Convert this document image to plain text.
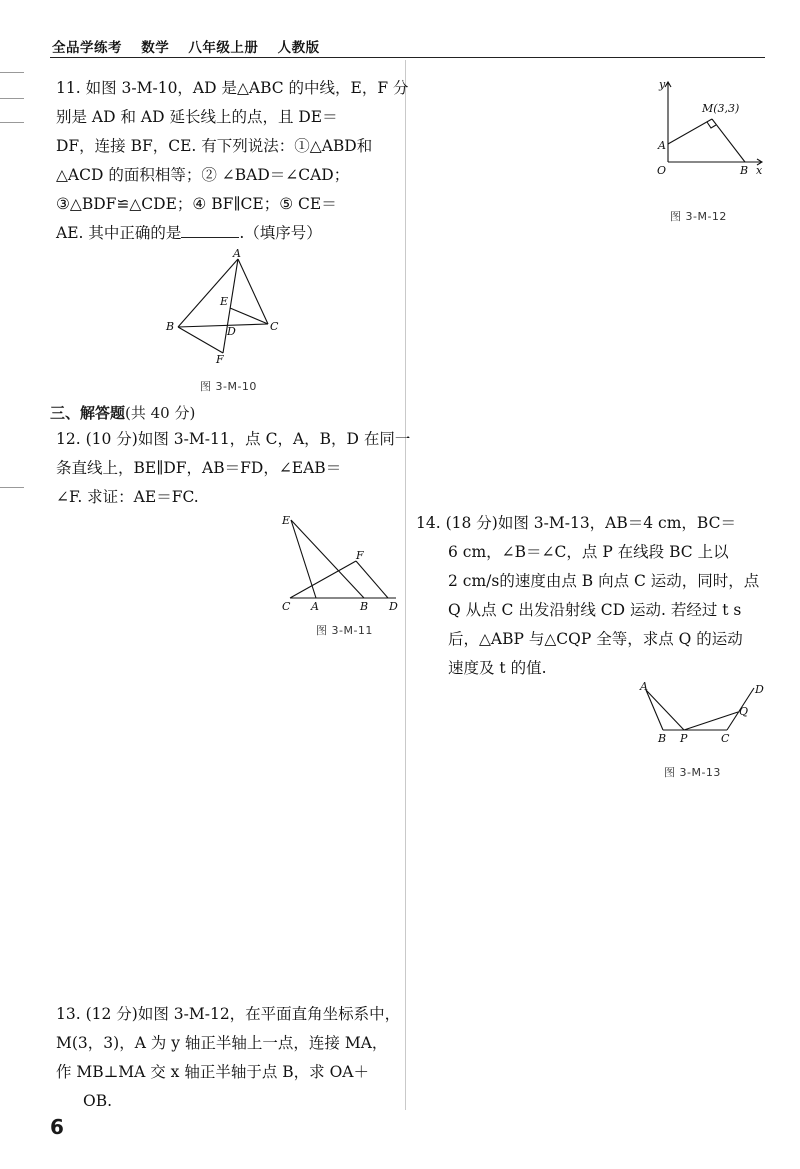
全品学练考 数学 八年级上册 人教版

11. 如图 3-M-10，AD 是△ABC 的中线，E，F 分

别是 AD 和 AD 延长线上的点，且 DE＝

DF，连接 BF，CE. 有下列说法：①△ABD和

△ACD 的面积相等；② ∠BAD＝∠CAD；

③△BDF≌△CDE；④ BF∥CE；⑤ CE＝

AE. 其中正确的是	.（填序号）

A
B	C
D
E
F
图 3-M-10
三、解答题(共 40 分)

12. (10 分)如图 3-M-11，点 C，A，B，D 在同一

条直线上，BE∥DF，AB＝FD，∠EAB＝

∠F. 求证：AE＝FC.

E
F
C A	B D
图 3-M-11

13. (12 分)如图 3-M-12，在平面直角坐标系中，

M(3，3)，A 为 y 轴正半轴上一点，连接 MA，

作 MB⊥MA 交 x 轴正半轴于点 B，求 OA＋

OB.

y
x
M(3,3)
A
O	B
图 3-M-12

14. (18 分)如图 3-M-13，AB＝4 cm，BC＝

6 cm，∠B＝∠C，点 P 在线段 BC 上以

2 cm/s的速度由点 B 向点 C 运动，同时，点

Q 从点 C 出发沿射线 CD 运动. 若经过 t s

后，△ABP 与△CQP 全等，求点 Q 的运动

速度及 t 的值.

A
B P	C
Q
D
图 3-M-13
6
